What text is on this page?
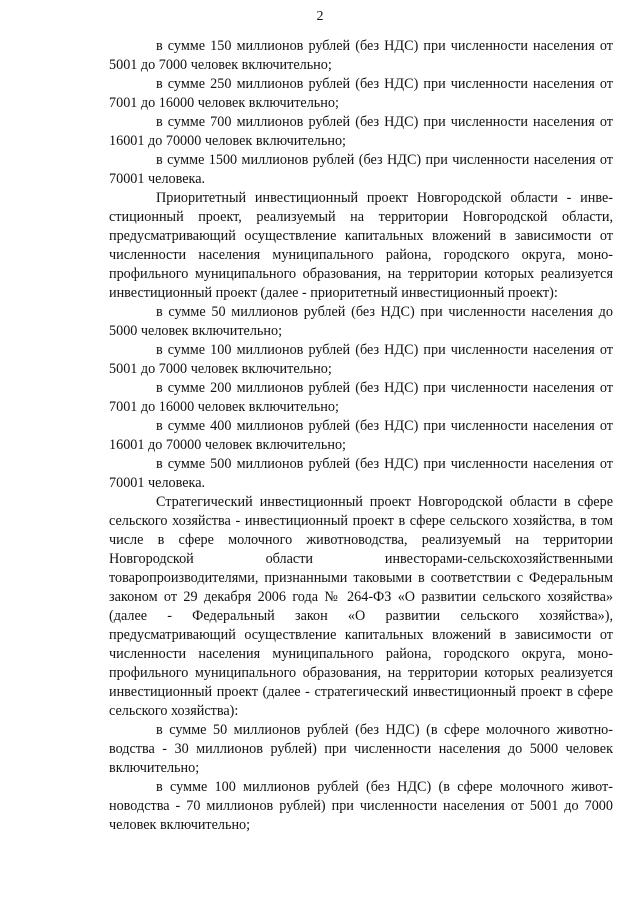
2

в сумме 150 миллионов рублей (без НДС) при численности населения от 5001 до 7000 человек включительно;

в сумме 250 миллионов рублей (без НДС) при численности населения от 7001 до 16000 человек включительно;

в сумме 700 миллионов рублей (без НДС) при численности населения от 16001 до 70000 человек включительно;

в сумме 1500 миллионов рублей (без НДС) при численности населения от 70001 человека.

Приоритетный инвестиционный проект Новгородской области - инвестиционный проект, реализуемый на территории Новгородской области, предусматривающий осуществление капитальных вложений в зависимости от численности населения муниципального района, городского округа, монопрофильного муниципального образования, на территории которых реализуется инвестиционный проект (далее - приоритетный инвестиционный проект):

в сумме 50 миллионов рублей (без НДС) при численности населения до 5000 человек включительно;

в сумме 100 миллионов рублей (без НДС) при численности населения от 5001 до 7000 человек включительно;

в сумме 200 миллионов рублей (без НДС) при численности населения от 7001 до 16000 человек включительно;

в сумме 400 миллионов рублей (без НДС) при численности населения от 16001 до 70000 человек включительно;

в сумме 500 миллионов рублей (без НДС) при численности населения от 70001 человека.

Стратегический инвестиционный проект Новгородской области в сфере сельского хозяйства - инвестиционный проект в сфере сельского хозяйства, в том числе в сфере молочного животноводства, реализуемый на территории Новгородской области инвесторами-сельскохозяйственными товаропроизводителями, признанными таковыми в соответствии с Федеральным законом от 29 декабря 2006 года № 264-ФЗ «О развитии сельского хозяйства» (далее - Федеральный закон «О развитии сельского хозяйства»), предусматривающий осуществление капитальных вложений в зависимости от численности населения муниципального района, городского округа, монопрофильного муниципального образования, на территории которых реализуется инвестиционный проект (далее - стратегический инвестиционный проект в сфере сельского хозяйства):

в сумме 50 миллионов рублей (без НДС) (в сфере молочного животноводства - 30 миллионов рублей) при численности населения до 5000 человек включительно;

в сумме 100 миллионов рублей (без НДС) (в сфере молочного животноводства - 70 миллионов рублей) при численности населения от 5001 до 7000 человек включительно;
